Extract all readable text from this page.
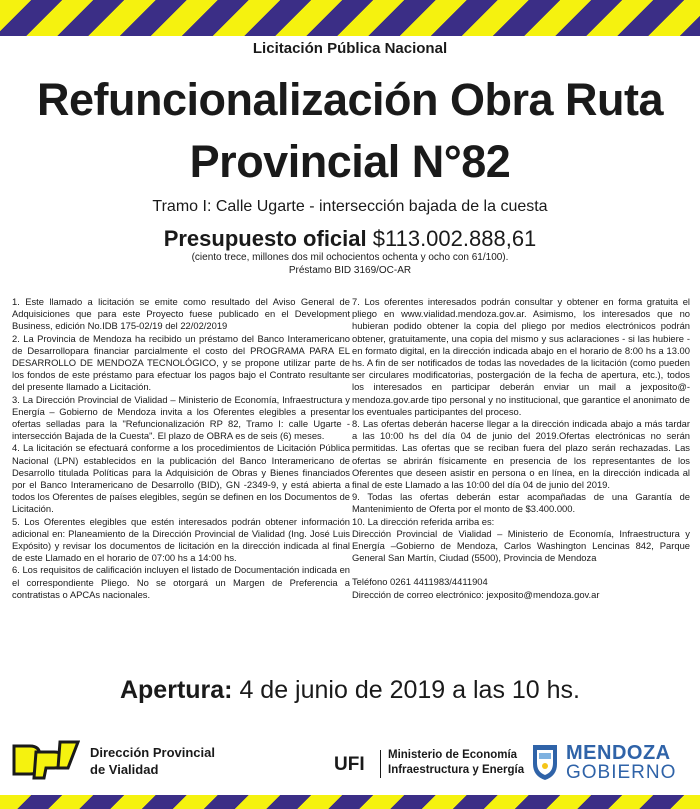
Licitación Pública Nacional
Refuncionalización Obra Ruta
Provincial N°82
Tramo I: Calle Ugarte - intersección bajada de la cuesta
Presupuesto oficial $113.002.888,61
(ciento trece, millones dos mil ochocientos ochenta y ocho con 61/100).
Préstamo BID 3169/OC-AR

1. Este llamado a licitación se emite como resultado del Aviso General de Adquisiciones que para este Proyecto fuese publicado en el Development Business, edición No.IDB 175-02/19 del 22/02/2019

2. La Provincia de Mendoza ha recibido un préstamo del Banco Interamericano de Desarrollopara financiar parcialmente el costo del PROGRAMA PARA EL DESARROLLO DE MENDOZA TECNOLÓGICO, y se propone utilizar parte de los fondos de este préstamo para efectuar los pagos bajo el Contrato resultante del presente llamado a Licitación.

3. La Dirección Provincial de Vialidad – Ministerio de Economía, Infraestructura y Energía – Gobierno de Mendoza invita a los Oferentes elegibles a presentar ofertas selladas para la "Refuncionalización RP 82, Tramo I: calle Ugarte -intersección Bajada de la Cuesta". El plazo de OBRA es de seis (6) meses.

4. La licitación se efectuará conforme a los procedimientos de Licitación Pública Nacional (LPN) establecidos en la publicación del Banco Interamericano de Desarrollo titulada Políticas para la Adquisición de Obras y Bienes financiados por el Banco Interamericano de Desarrollo (BID), GN -2349-9, y está abierta a todos los Oferentes de países elegibles, según se definen en los Documentos de Licitación.

5. Los Oferentes elegibles que estén interesados podrán obtener información adicional en: Planeamiento de la Dirección Provincial de Vialidad (Ing. José Luis Expósito) y revisar los documentos de licitación en la dirección indicada al final de este Llamado en el horario de 07:00 hs a 14:00 hs.

6. Los requisitos de calificación incluyen el listado de Documentación indicada en el correspondiente Pliego. No se otorgará un Margen de Preferencia a contratistas o APCAs nacionales.

7. Los oferentes interesados podrán consultar y obtener en forma gratuita el pliego en www.vialidad.mendoza.gov.ar. Asimismo, los interesados que no hubieran podido obtener la copia del pliego por medios electrónicos podrán obtener, gratuitamente, una copia del mismo y sus aclaraciones - si las hubiere - en formato digital, en la dirección indicada abajo en el horario de 8:00 hs a 13.00 hs. A fin de ser notificados de todas las novedades de la licitación (como pueden ser circulares modificatorias, postergación de la fecha de apertura, etc.), todos los interesados en participar deberán enviar un mail a jexposito@-mendoza.gov.arde tipo personal y no institucional, que garantice el anonimato de los eventuales participantes del proceso.

8. Las ofertas deberán hacerse llegar a la dirección indicada abajo a más tardar a las 10:00 hs del día 04 de junio del 2019.Ofertas electrónicas no serán permitidas. Las ofertas que se reciban fuera del plazo serán rechazadas. Las ofertas se abrirán físicamente en presencia de los representantes de los Oferentes que deseen asistir en persona o en línea, en la dirección indicada al final de este Llamado a las 10:00 del día 04 de junio del 2019.

9. Todas las ofertas deberán estar acompañadas de una Garantía de Mantenimiento de Oferta por el monto de $3.400.000.

10. La dirección referida arriba es:

Dirección Provincial de Vialidad – Ministerio de Economía, Infraestructura y Energía –Gobierno de Mendoza, Carlos Washington Lencinas 842, Parque General San Martín, Ciudad (5500), Provincia de Mendoza

Teléfono 0261 4411983/4411904

Dirección de correo electrónico: jexposito@mendoza.gov.ar

Apertura: 4 de junio de 2019 a las 10 hs.
Dirección Provincial
de Vialidad	UFI Ministerio de Economía
Infraestructura y Energía
MENDOZA
GOBIERNO
